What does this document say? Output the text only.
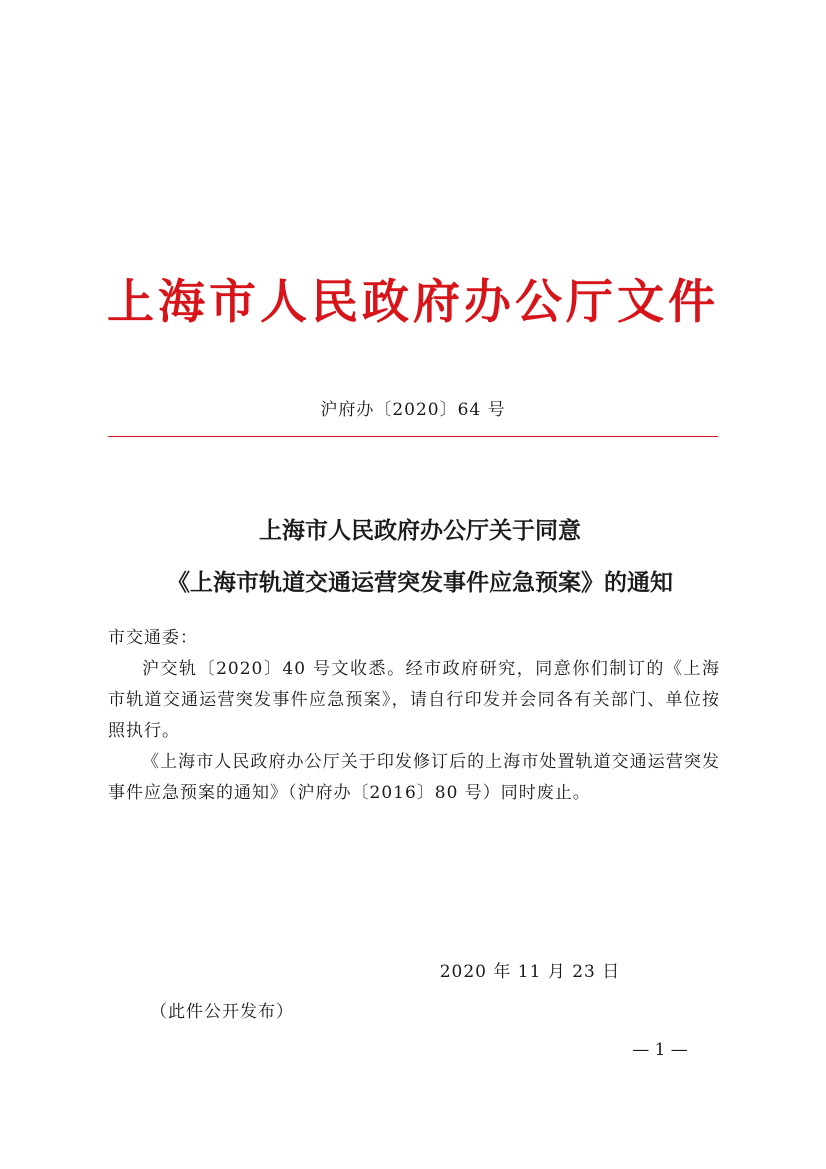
上海市人民政府办公厅文件
沪府办〔2020〕64 号
上海市人民政府办公厅关于同意
《上海市轨道交通运营突发事件应急预案》的通知
市交通委：

沪交轨〔2020〕40 号文收悉。经市政府研究，同意你们制订的《上海市轨道交通运营突发事件应急预案》，请自行印发并会同各有关部门、单位按照执行。

《上海市人民政府办公厅关于印发修订后的上海市处置轨道交通运营突发事件应急预案的通知》（沪府办〔2016〕80 号）同时废止。

2020 年 11 月 23 日
（此件公开发布）
— 1 —
